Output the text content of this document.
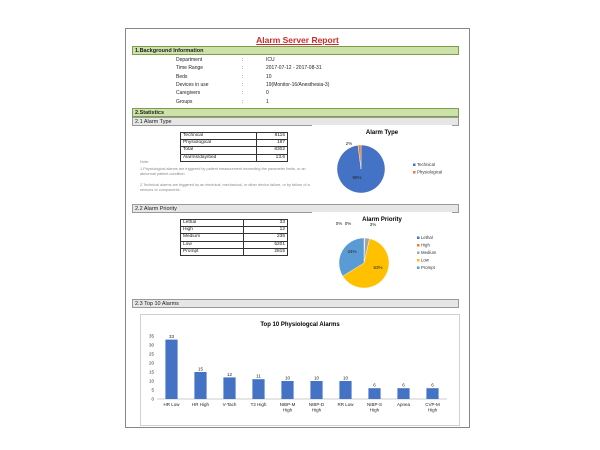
Alarm Server Report
1.Background Information
Department	:	ICU
Time Range	:	2017-07-12 - 2017-08-31
Beds	:	10
Devices in use	:	19(Monitor-16/Anesthesia-3)
Caregivers	:	0
Groups	:	1
2.Statistics
2.1 Alarm Type
Technical	8115
Physiological	187
Total	8302
Alarms/day/bed	13.6
Note:
1.Physiological alarms are triggered by patient measurement exceeding the parameter limits, or an abnormal patient condition.
2.Technical alarms are triggered by an electrical, mechanical, or other device failure, or by failure of a sensors or components.
Alarm Type
98%
Technical
2%
Physiological
2.2 Alarm Priority
Lethal	33
High	12
Medium	235
Low	5201
Prompt	2815
Alarm Priority
0%
Lethal
0%
High
3%
Medium
63%
Low
34%
Prompt
2.3 Top 10 Alarms
Top 10 Physiologcal Alarms
0
5
10
15
20
25
30
35	33
HR Low
15
HR High
12
V-Tach
11
T2 High
10
NIBP-M High
10
NIBP-D High
10
RR Low
6
NIBP-S High
6
Apnea
6
CVP-M High
